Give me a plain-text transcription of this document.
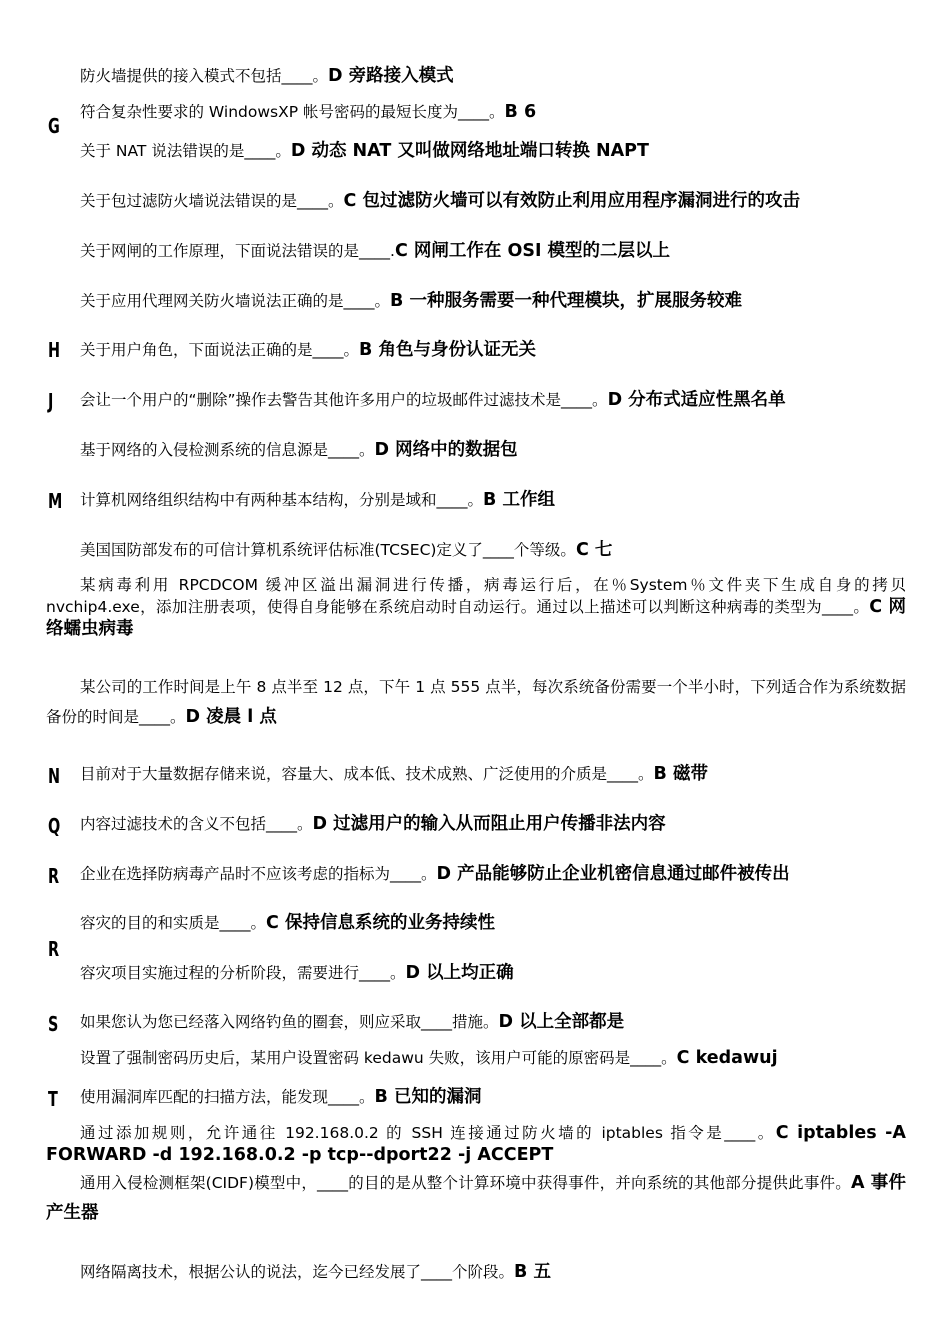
G
H
J
M
N
Q
R
R
S
T
防火墙提供的接入模式不包括____。D 旁路接入模式
符合复杂性要求的 WindowsXP 帐号密码的最短长度为____。B 6
关于 NAT 说法错误的是____。D 动态 NAT 又叫做网络地址端口转换 NAPT
关于包过滤防火墙说法错误的是____。C 包过滤防火墙可以有效防止利用应用程序漏洞进行的攻击
关于网闸的工作原理，下面说法错误的是____.C 网闸工作在 OSI 模型的二层以上
关于应用代理网关防火墙说法正确的是____。B 一种服务需要一种代理模块，扩展服务较难
关于用户角色，下面说法正确的是____。B 角色与身份认证无关
会让一个用户的“删除”操作去警告其他许多用户的垃圾邮件过滤技术是____。D 分布式适应性黑名单
基于网络的入侵检测系统的信息源是____。D 网络中的数据包
计算机网络组织结构中有两种基本结构，分别是域和____。B 工作组
美国国防部发布的可信计算机系统评估标准(TCSEC)定义了____个等级。C 七
某病毒利用 RPCDCOM 缓冲区溢出漏洞进行传播，病毒运行后，在％System％文件夹下生成自身的拷贝 nvchip4.exe，添加注册表项，使得自身能够在系统启动时自动运行。通过以上描述可以判断这种病毒的类型为____。C 网络蠕虫病毒
某公司的工作时间是上午 8 点半至 12 点，下午 1 点 555 点半，每次系统备份需要一个半小时，下列适合作为系统数据备份的时间是____。D 凌晨 l 点
目前对于大量数据存储来说，容量大、成本低、技术成熟、广泛使用的介质是____。B 磁带
内容过滤技术的含义不包括____。D 过滤用户的输入从而阻止用户传播非法内容
企业在选择防病毒产品时不应该考虑的指标为____。D 产品能够防止企业机密信息通过邮件被传出
容灾的目的和实质是____。C 保持信息系统的业务持续性
容灾项目实施过程的分析阶段，需要进行____。D 以上均正确
如果您认为您已经落入网络钓鱼的圈套，则应采取____措施。D 以上全部都是
设置了强制密码历史后，某用户设置密码 kedawu 失败，该用户可能的原密码是____。C kedawuj
使用漏洞库匹配的扫描方法，能发现____。B 已知的漏洞
通过添加规则，允许通往 192.168.0.2 的 SSH 连接通过防火墙的 iptables 指令是____。C iptables -A FORWARD -d 192.168.0.2 -p tcp--dport22 -j ACCEPT
通用入侵检测框架(CIDF)模型中，____的目的是从整个计算环境中获得事件，并向系统的其他部分提供此事件。A 事件产生器
网络隔离技术，根据公认的说法，迄今已经发展了____个阶段。B 五
